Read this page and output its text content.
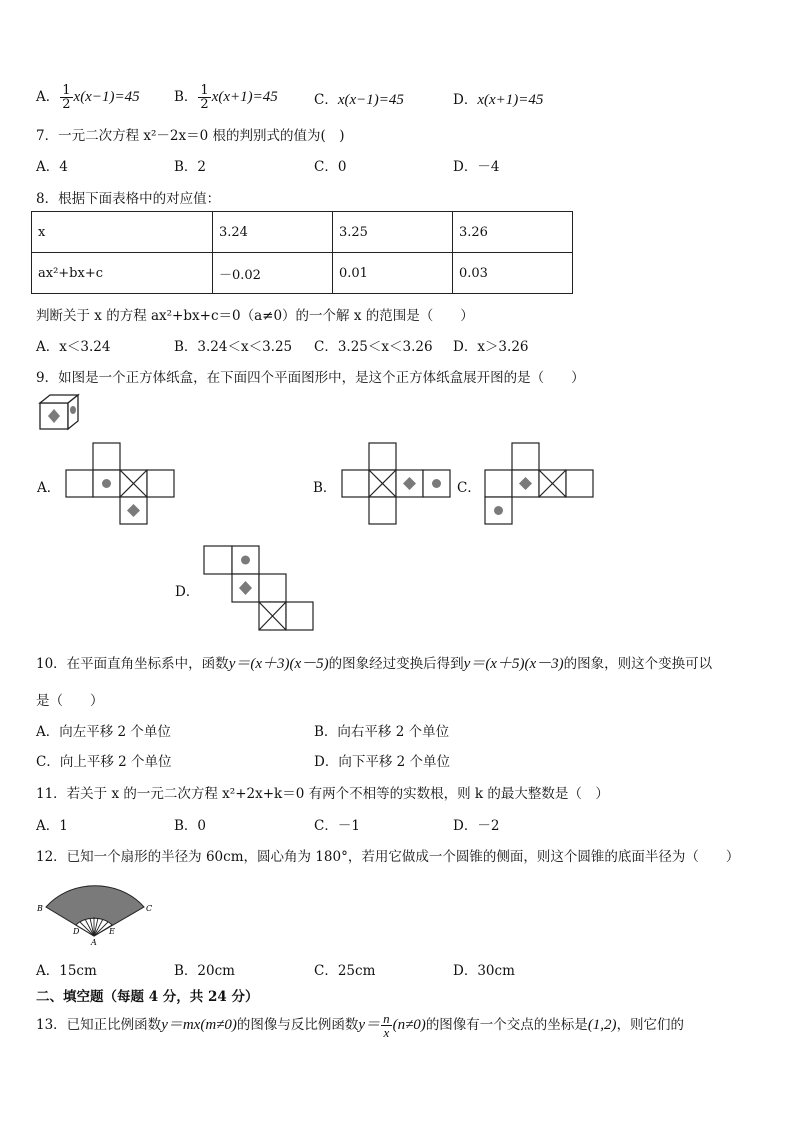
A． $\frac{1}{2} x(x-1)=45$	B． $\frac{1}{2} x(x+1)=45$	C．x(x−1)=45	D．x(x+1)=45
7．一元二次方程 x²－2x＝0 根的判别式的值为(　)
A．4	B．2	C．0	D．－4
8．根据下面表格中的对应值：
x	3.24	3.25	3.26
ax²+bx+c	－0.02	0.01	0.03
判断关于 x 的方程 ax²+bx+c＝0（a≠0）的一个解 x 的范围是（　　）
A．x＜3.24	B．3.24＜x＜3.25 C．3.25＜x＜3.26 D．x＞3.26
9．如图是一个正方体纸盒，在下面四个平面图形中，是这个正方体纸盒展开图的是（　　）
A．	B．	C．
D．
10．在平面直角坐标系中，函数y＝(x＋3)(x－5)的图象经过变换后得到y＝(x＋5)(x－3)的图象，则这个变换可以
是（　　）
A．向左平移 2 个单位	B．向右平移 2 个单位
C．向上平移 2 个单位	D．向下平移 2 个单位
11．若关于 x 的一元二次方程 x²+2x+k＝0 有两个不相等的实数根，则 k 的最大整数是（　）
A．1	B．0	C．－1	D．－2
12．已知一个扇形的半径为 60cm，圆心角为 180°，若用它做成一个圆锥的侧面，则这个圆锥的底面半径为（　　）
B	C
D	E
A
A．15cm	B．20cm	C．25cm	D．30cm
二、填空题（每题 4 分，共 24 分）
13．已知正比例函数y＝mx(m≠0)的图像与反比例函数$y= \frac{n}{x} (n\ne 0)$的图像有一个交点的坐标是(1,2)，则它们的
